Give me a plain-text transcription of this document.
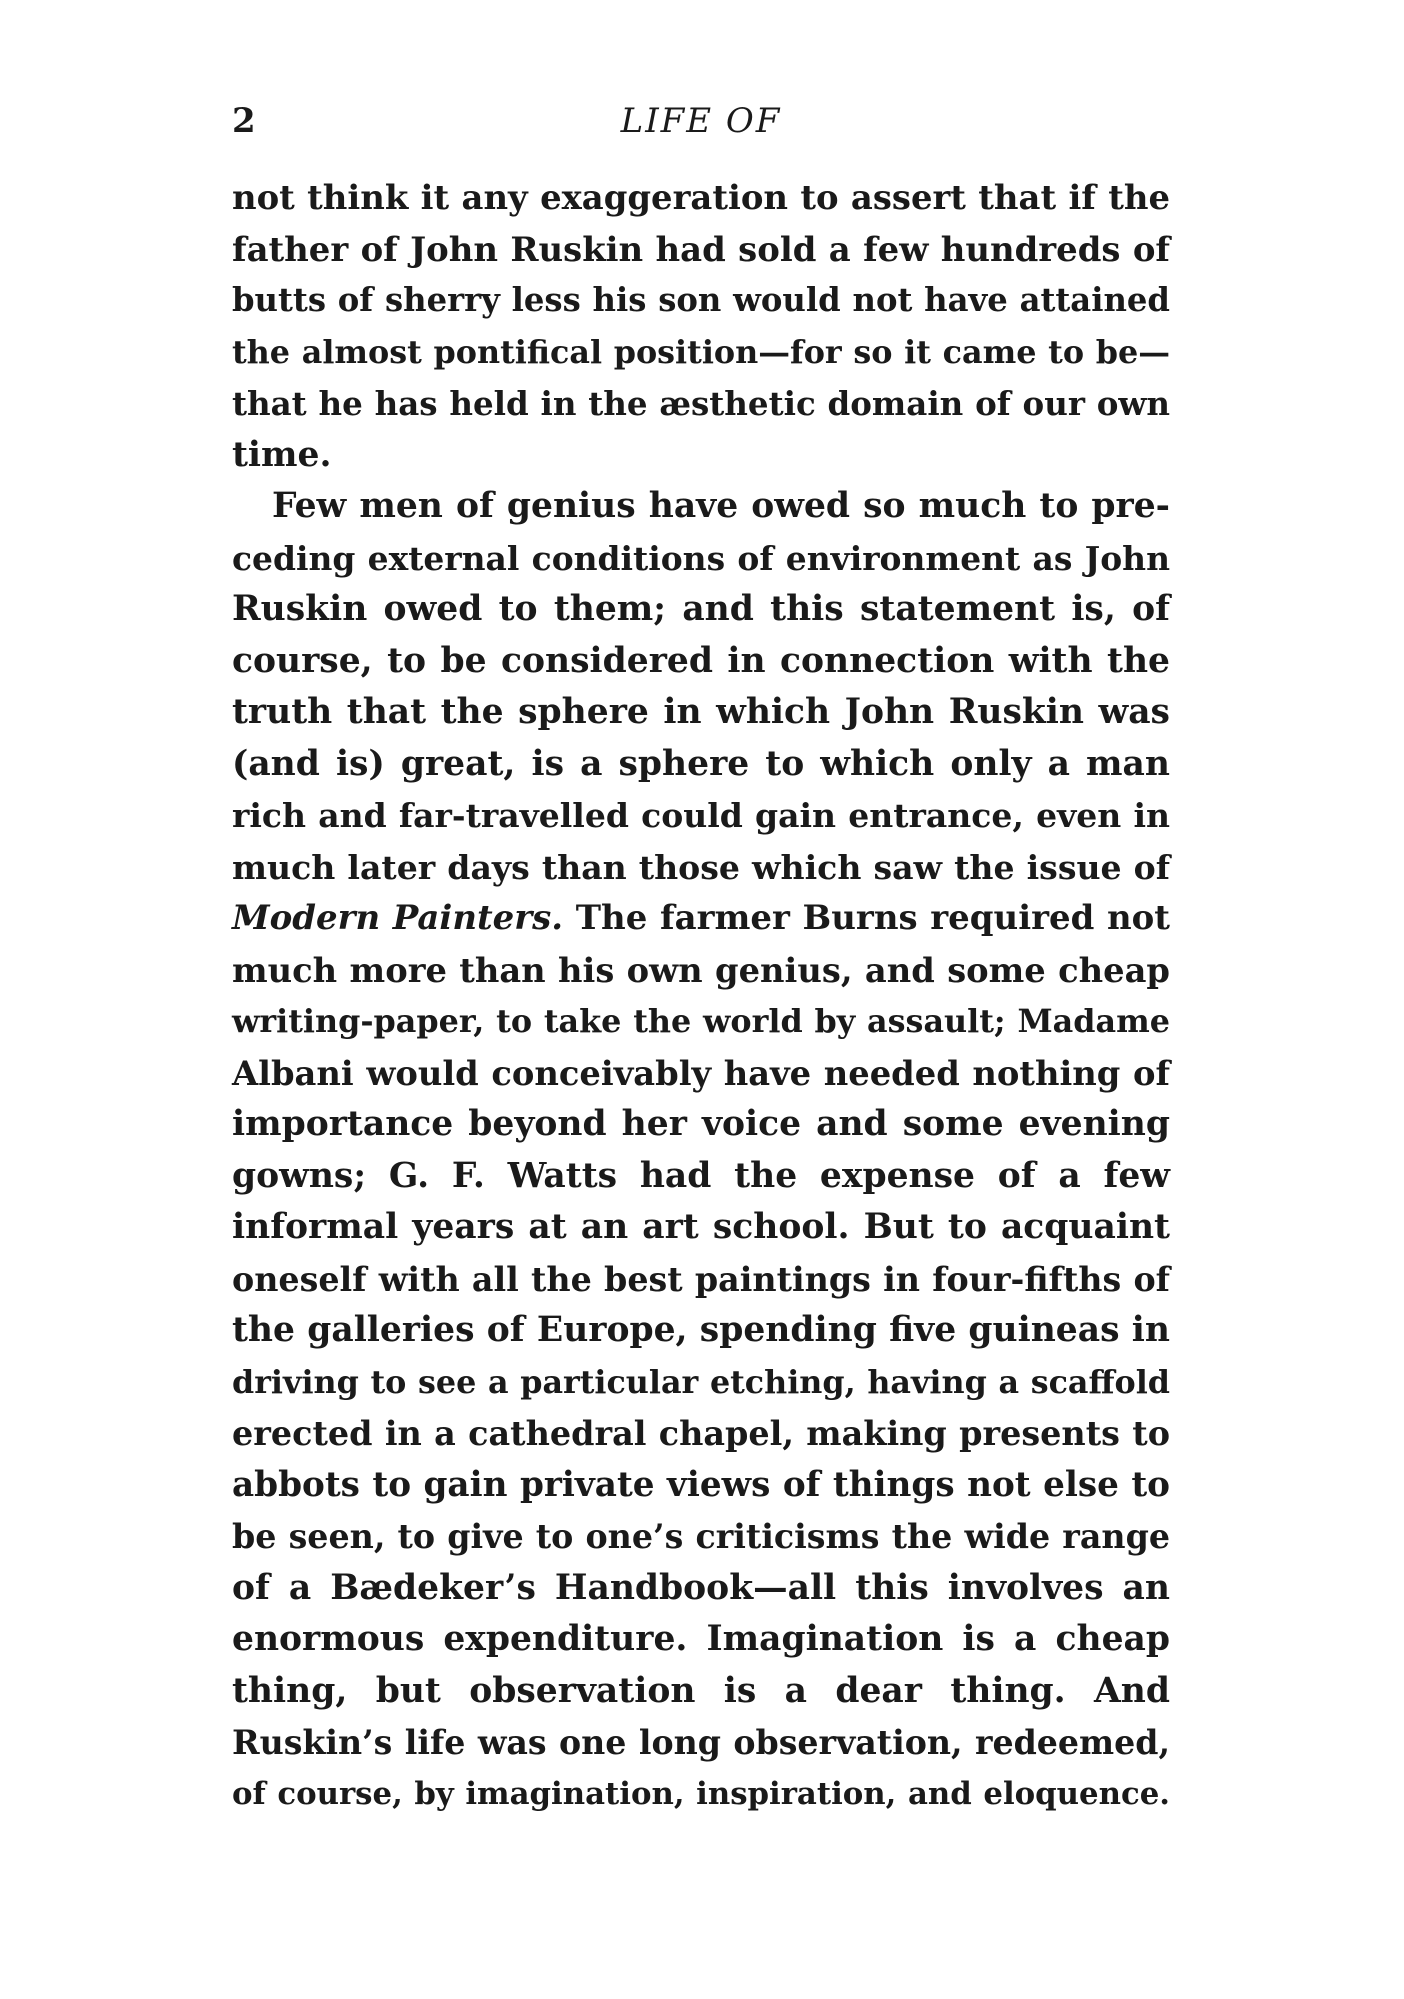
2	LIFE OF
not think it any exaggeration to assert that if the
father of John Ruskin had sold a few hundreds of
butts of sherry less his son would not have attained
the almost pontifical position—for so it came to be—
that he has held in the æsthetic domain of our own
time.
Few men of genius have owed so much to pre-
ceding external conditions of environment as John
Ruskin owed to them; and this statement is, of
course, to be considered in connection with the
truth that the sphere in which John Ruskin was
(and is) great, is a sphere to which only a man
rich and far-travelled could gain entrance, even in
much later days than those which saw the issue of
Modern Painters. The farmer Burns required not
much more than his own genius, and some cheap
writing-paper, to take the world by assault; Madame
Albani would conceivably have needed nothing of
importance beyond her voice and some evening
gowns; G. F. Watts had the expense of a few
informal years at an art school. But to acquaint
oneself with all the best paintings in four-fifths of
the galleries of Europe, spending five guineas in
driving to see a particular etching, having a scaffold
erected in a cathedral chapel, making presents to
abbots to gain private views of things not else to
be seen, to give to one’s criticisms the wide range
of a Bædeker’s Handbook—all this involves an
enormous expenditure. Imagination is a cheap
thing, but observation is a dear thing. And
Ruskin’s life was one long observation, redeemed,
of course, by imagination, inspiration, and eloquence.
